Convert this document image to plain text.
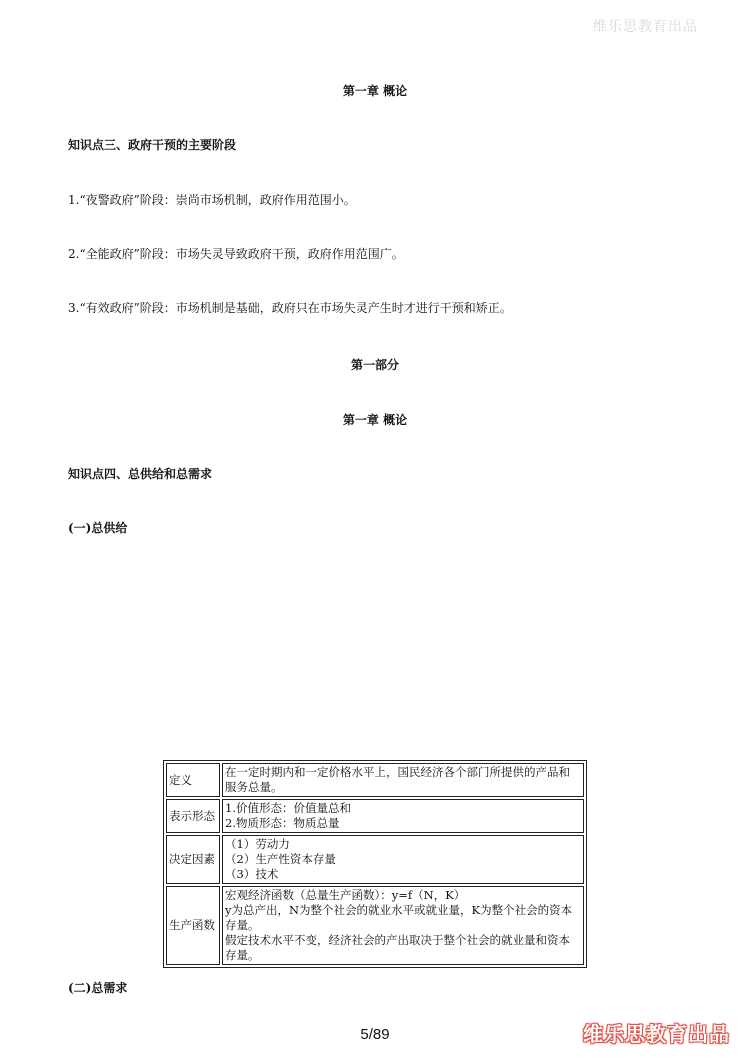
维乐思教育出品
第一章 概论
知识点三、政府干预的主要阶段
1.“夜警政府”阶段：崇尚市场机制，政府作用范围小。
2.“全能政府”阶段：市场失灵导致政府干预，政府作用范围广。
3.“有效政府”阶段：市场机制是基础，政府只在市场失灵产生时才进行干预和矫正。
第一部分
第一章 概论
知识点四、总供给和总需求
(一)总供给
定义	在一定时期内和一定价格水平上，国民经济各个部门所提供的产品和
服务总量。

表示形态	1.价值形态：价值量总和
2.物质形态：物质总量

决定因素	（1）劳动力
（2）生产性资本存量
（3）技术

生产函数	宏观经济函数（总量生产函数）：y=f（N，K）
y为总产出，N为整个社会的就业水平或就业量，K为整个社会的资本
存量。
假定技术水平不变，经济社会的产出取决于整个社会的就业量和资本
存量。
(二)总需求
5/89	维乐思教育出品
